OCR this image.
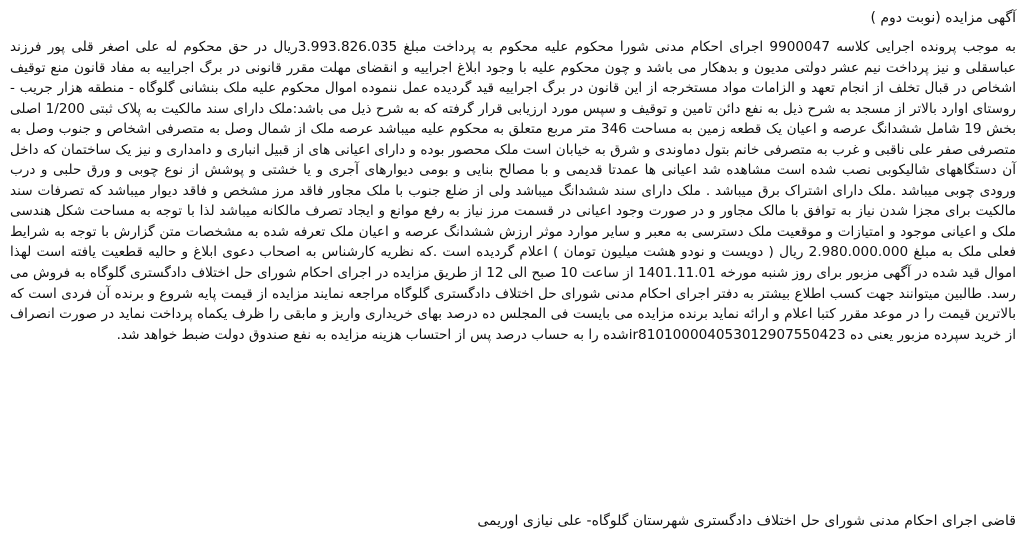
آگهی مزایده (نوبت دوم )
به موجب پرونده اجرایی کلاسه 9900047 اجرای احکام مدنی شورا محکوم علیه محکوم به پرداخت مبلغ 3.993.826.035ریال در حق محکوم له علی اصغر قلی پور فرزند عباسقلی و نیز پرداخت نیم عشر دولتی مدیون و بدهکار می باشد و چون محکوم علیه با وجود ابلاغ اجراییه و انقضای مهلت مقرر قانونی در برگ اجراییه به مفاد قانون منع توقیف اشخاص در قبال تخلف از انجام تعهد و الزامات مواد مستخرجه از این قانون در برگ اجراییه قید گردیده عمل ننموده اموال محکوم علیه ملک بنشانی گلوگاه - منطقه هزار جریب - روستای اوارد بالاتر از مسجد به شرح ذیل به نفع دائن تامین و توقیف و سپس مورد ارزیابی قرار گرفته که به شرح ذیل می باشد:ملک دارای سند مالکیت به پلاک ثبتی 1/200 اصلی بخش 19 شامل ششدانگ عرصه و اعیان یک قطعه زمین به مساحت 346 متر مربع متعلق به محکوم علیه میباشد عرصه ملک از شمال وصل به متصرفی اشخاص و جنوب وصل به متصرفی صفر علی ناقبی و غرب به متصرفی خانم بتول دماوندی و شرق به خیابان است ملک محصور بوده و دارای اعیانی های از قبیل انباری و دامداری و نیز یک ساختمان که داخل آن دستگاههای شالیکوبی نصب شده است مشاهده شد اعیانی ها عمدتا قدیمی و با مصالح بنایی و بومی دیوارهای آجری و یا خشتی و پوشش از نوع چوبی و ورق حلبی و درب ورودی چوبی میباشد .ملک دارای اشتراک برق میباشد . ملک دارای سند ششدانگ میباشد ولی از ضلع جنوب با ملک مجاور فاقد مرز مشخص و فاقد دیوار میباشد که تصرفات سند مالکیت برای مجزا شدن نیاز به توافق با مالک مجاور و در صورت وجود اعیانی در قسمت مرز نیاز به رفع موانع و ایجاد تصرف مالکانه میباشد لذا با توجه به مساحت شکل هندسی ملک و اعیانی موجود و امتیازات و موقعیت ملک دسترسی به معبر و سایر موارد موثر ارزش ششدانگ عرصه و اعیان ملک تعرفه شده به مشخصات متن گزارش با توجه به شرایط فعلی ملک به مبلغ 2.980.000.000 ریال ( دویست و نودو هشت میلیون تومان ) اعلام گردیده است .که نظریه کارشناس به اصحاب دعوی ابلاغ و حالیه قطعیت یافته است لهذا اموال قید شده در آگهی مزبور برای روز شنبه مورخه 1401.11.01 از ساعت 10 صبح الی 12 از طریق مزایده در اجرای احکام شورای حل اختلاف دادگستری گلوگاه به فروش می رسد. طالبین میتوانند جهت کسب اطلاع بیشتر به دفتر اجرای احکام مدنی شورای حل اختلاف دادگستری گلوگاه مراجعه نمایند مزایده از قیمت پایه شروع و برنده آن فردی است که بالاترین قیمت را در موعد مقرر کتبا اعلام و ارائه نماید برنده مزایده می بایست فی المجلس ده درصد بهای خریداری واریز و مابقی را ظرف یکماه پرداخت نماید در صورت انصراف از خرید سپرده مزبور یعنی ده ir810100004053012907550423شده را به حساب درصد پس از احتساب هزینه مزایده به نفع صندوق دولت ضبط خواهد شد.
قاضی اجرای احکام مدنی شورای حل اختلاف دادگستری شهرستان گلوگاه- علی نیازی اوریمی
